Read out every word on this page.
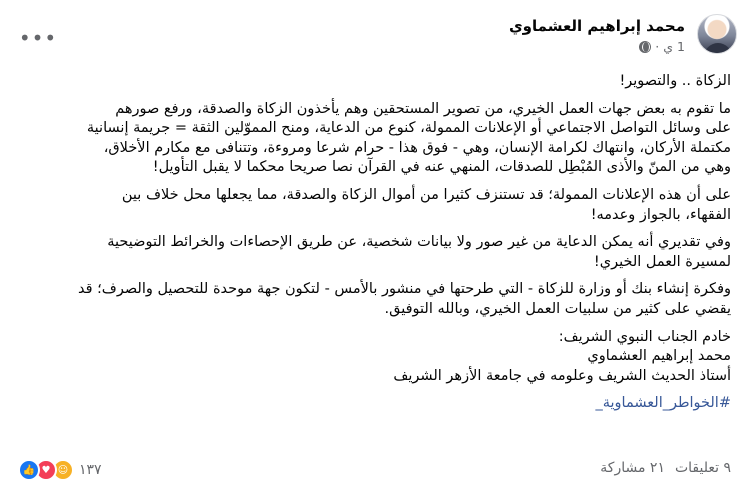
محمد إبراهيم العشماوي
1 ي
·
•••

الزكاة .. والتصوير!

ما تقوم به بعض جهات العمل الخيري، من تصوير المستحقين وهم يأخذون الزكاة والصدقة، ورفع صورهم
على وسائل التواصل الاجتماعي أو الإعلانات الممولة، كنوع من الدعاية، ومنح المموّلين الثقة = جريمة إنسانية
مكتملة الأركان، وانتهاك لكرامة الإنسان، وهي - فوق هذا - حرام شرعا ومروءة، وتتنافى مع مكارم الأخلاق،
وهي من المنّ والأذى المُبْطِل للصدقات، المنهي عنه في القرآن نصا صريحا محكما لا يقبل التأويل!

على أن هذه الإعلانات الممولة؛ قد تستنزف كثيرا من أموال الزكاة والصدقة، مما يجعلها محل خلاف بين
الفقهاء، بالجواز وعدمه!

وفي تقديري أنه يمكن الدعاية من غير صور ولا بيانات شخصية، عن طريق الإحصاءات والخرائط التوضيحية
لمسيرة العمل الخيري!

وفكرة إنشاء بنك أو وزارة للزكاة - التي طرحتها في منشور بالأمس - لتكون جهة موحدة للتحصيل والصرف؛ قد
يقضي على كثير من سلبيات العمل الخيري، وبالله التوفيق.

خادم الجناب النبوي الشريف:
محمد إبراهيم العشماوي
أستاذ الحديث الشريف وعلومه في جامعة الأزهر الشريف

#الخواطر_العشماوية_

٩ تعليقات
٢١ مشاركة
👍 ♥ ☺ ١٣٧
